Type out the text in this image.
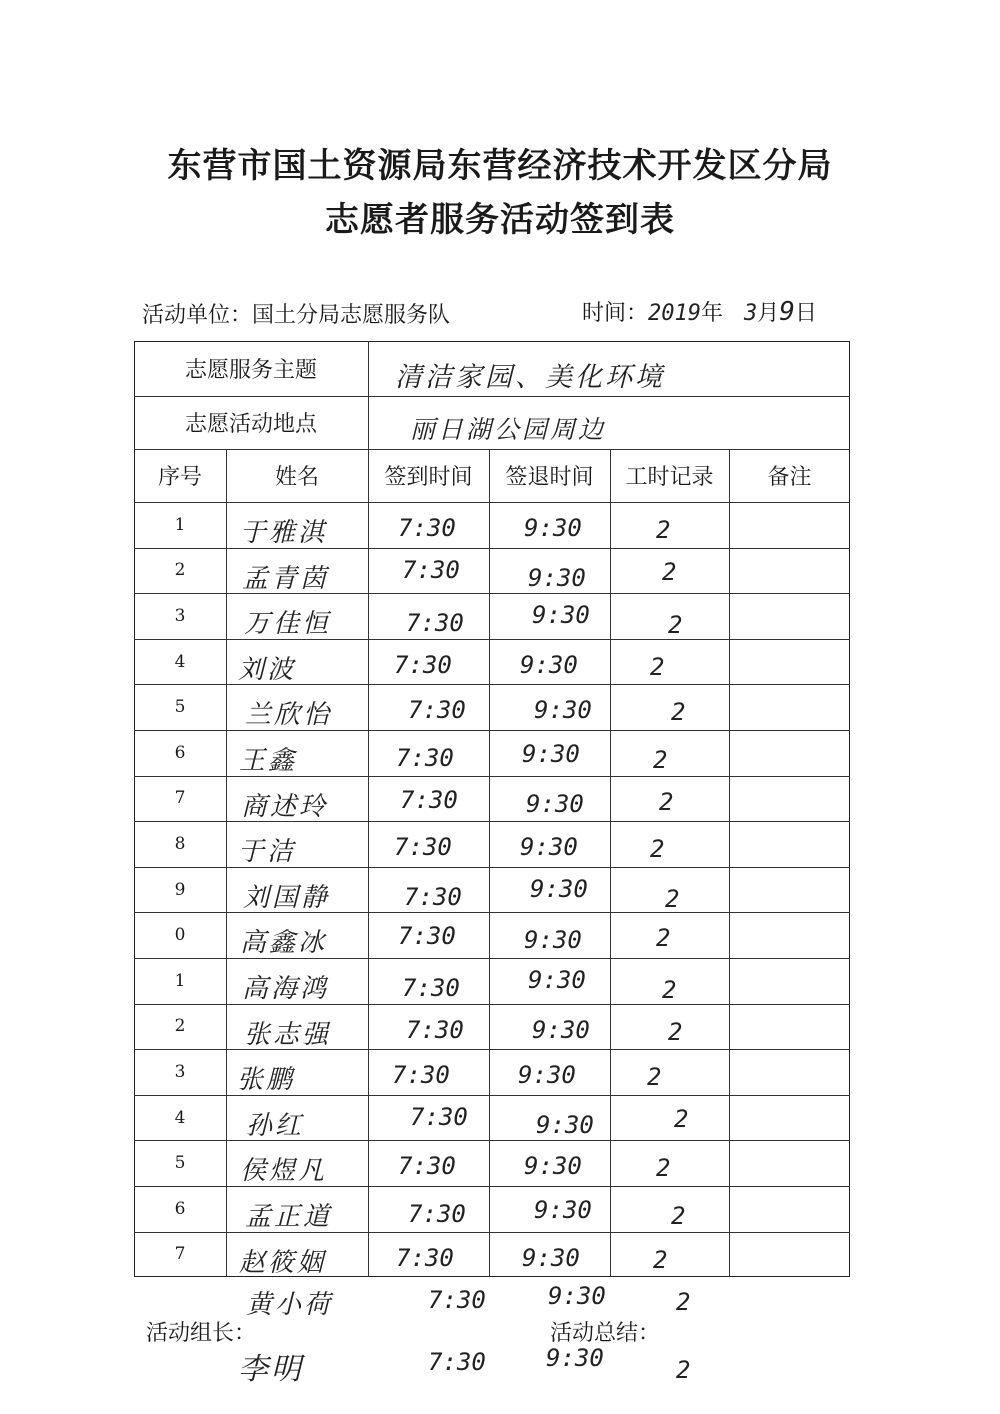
东营市国土资源局东营经济技术开发区分局
志愿者服务活动签到表
活动单位：国土分局志愿服务队	时间：2019年 3月9日
志愿服务主题	清洁家园、美化环境
志愿活动地点	丽日湖公园周边
序号	姓名	签到时间	签退时间	工时记录	备注
1	于雅淇	7:30	9:30	2
2	孟青茵	7:30	9:30	2
3	万佳恒	7:30	9:30	2
4	刘波	7:30	9:30	2
5	兰欣怡	7:30	9:30	2
6	王鑫	7:30	9:30	2
7	商述玲	7:30	9:30	2
8	于洁	7:30	9:30	2
9	刘国静	7:30	9:30	2
0	高鑫冰	7:30	9:30	2
1	高海鸿	7:30	9:30	2
2	张志强	7:30	9:30	2
3	张鹏	7:30	9:30	2
4	孙红	7:30	9:30	2
5	侯煜凡	7:30	9:30	2
6	孟正道	7:30	9:30	2
7	赵筱姻	7:30	9:30	2
黄小荷	7:30	9:30	2
活动组长：	活动总结：
李明	7:30	9:30	2
